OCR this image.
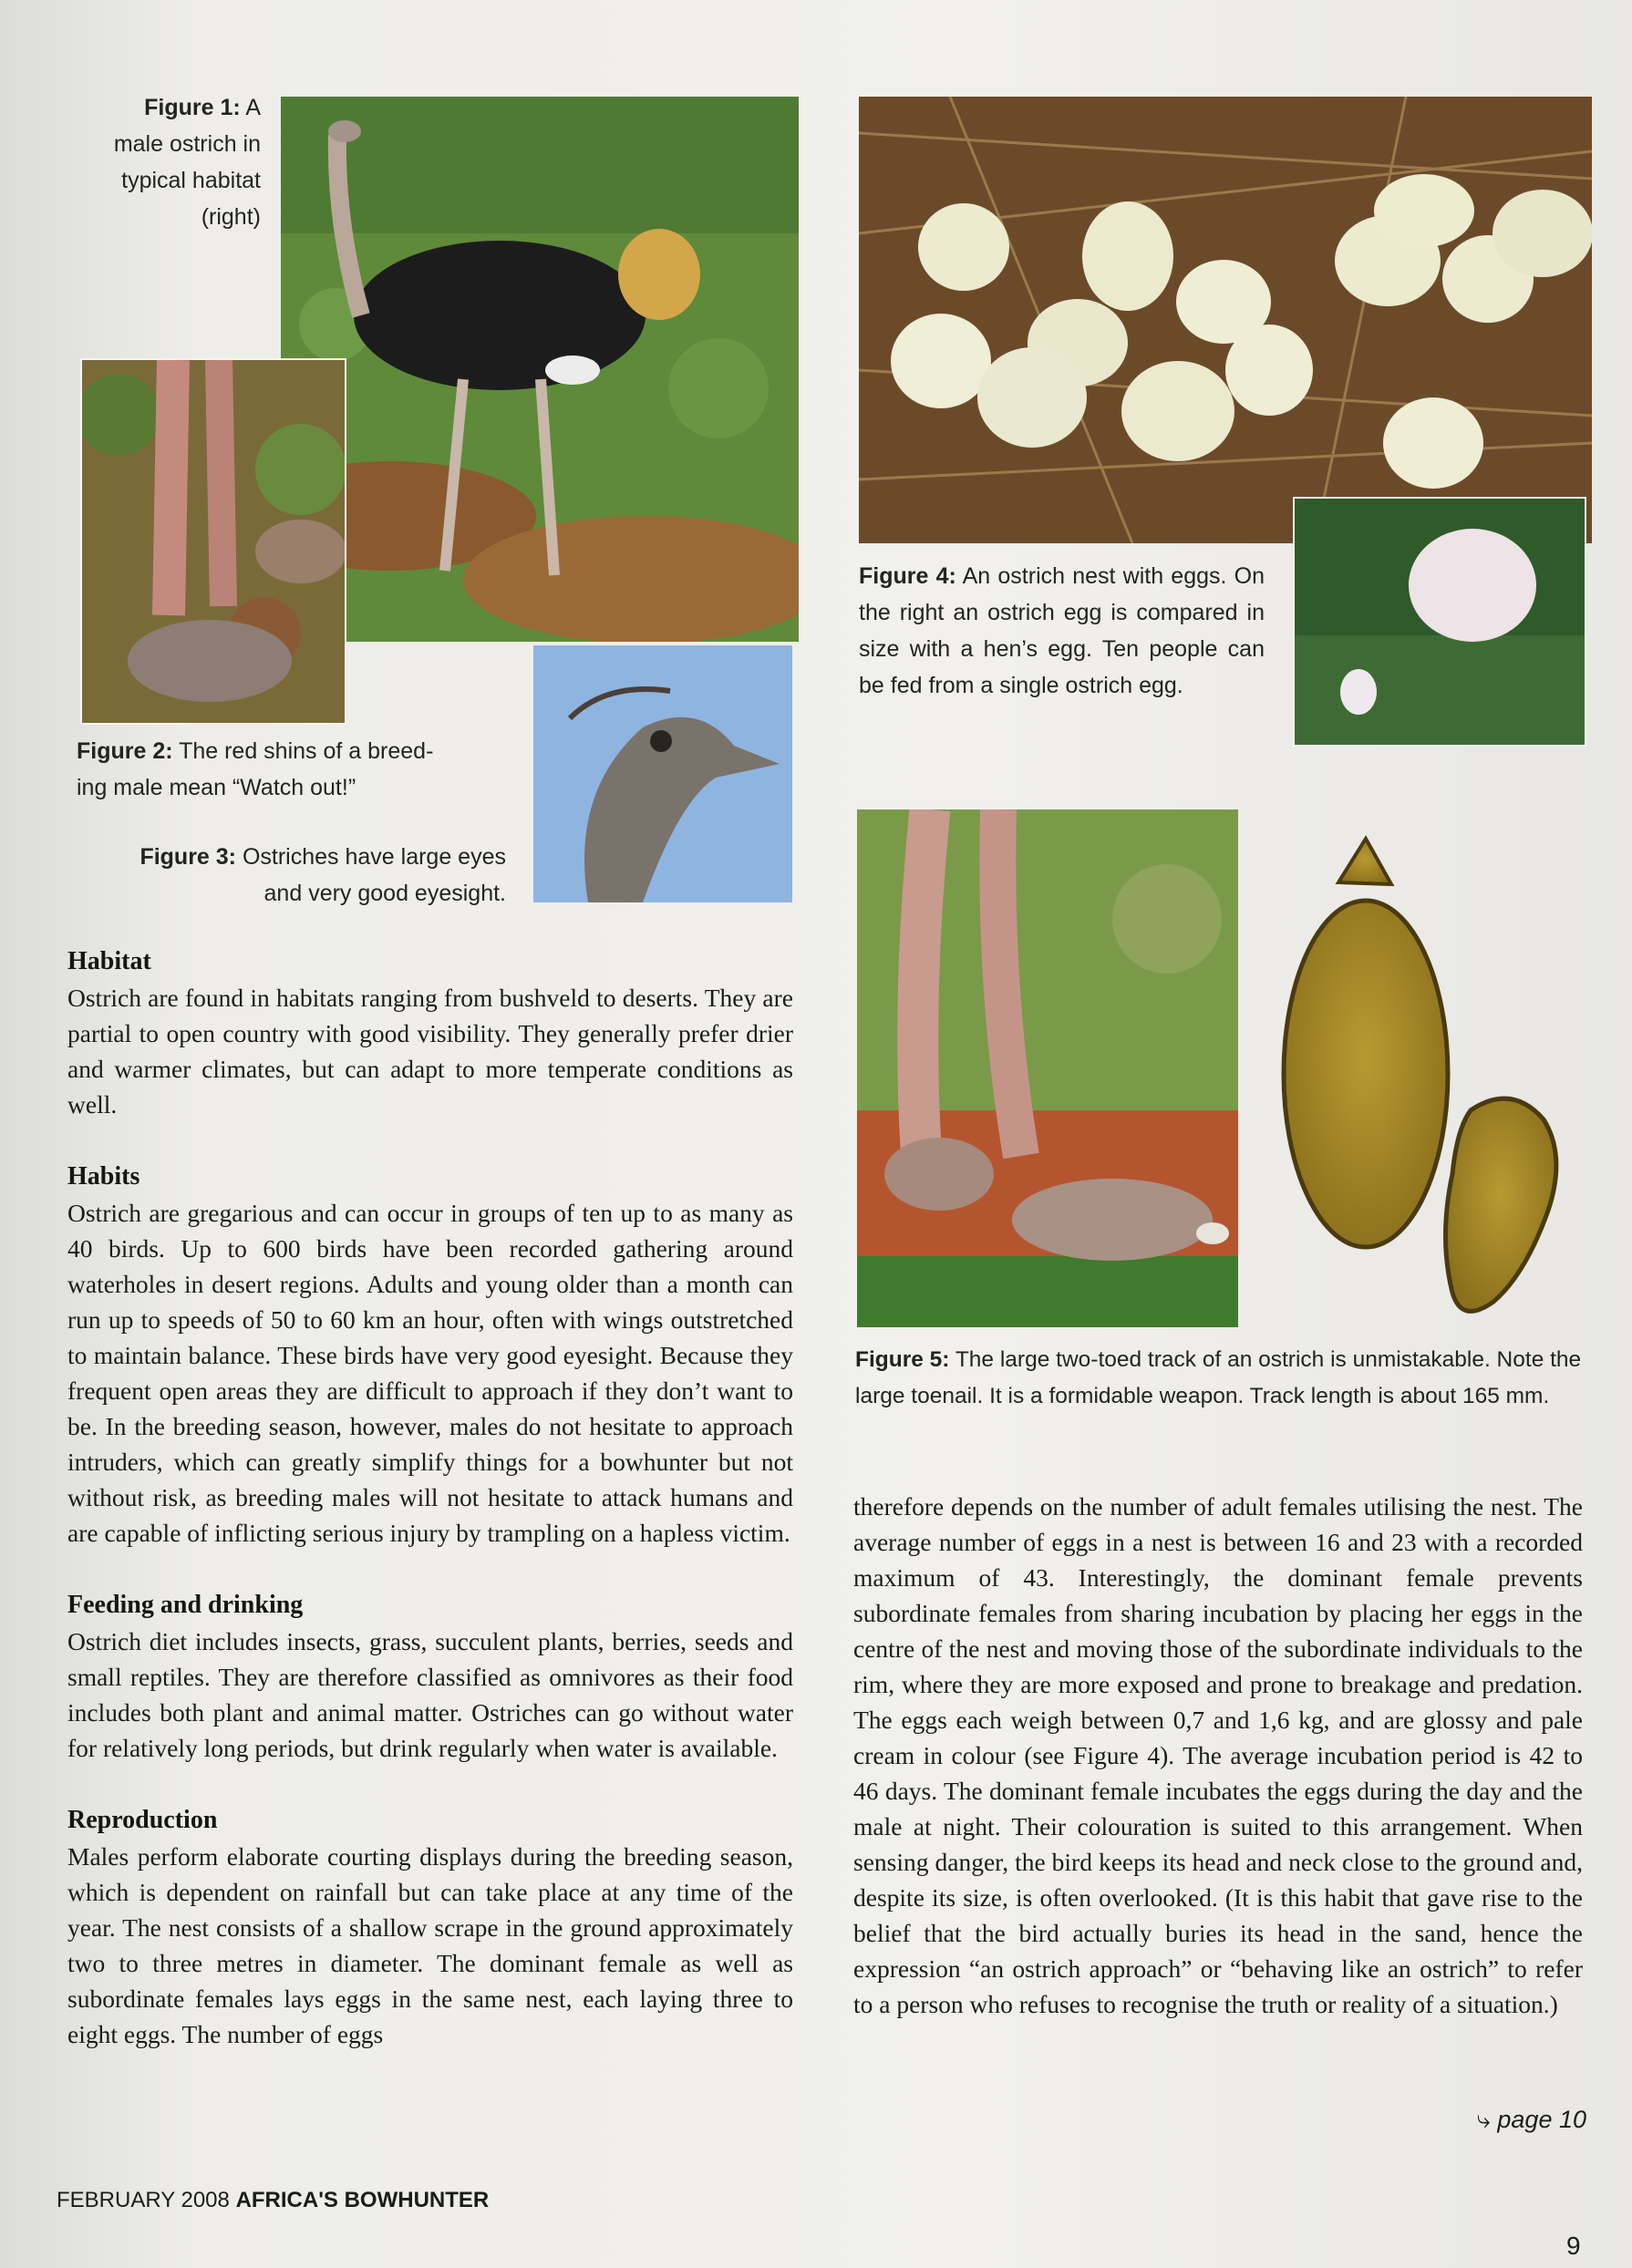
Figure 1: A
male ostrich in
typical habitat
(right)
Figure 2: The red shins of a breed-
ing male mean “Watch out!”
Figure 3: Ostriches have large eyes
and very good eyesight.
Figure 4: An ostrich nest with eggs. On the right an ostrich egg is compared in size with a hen’s egg. Ten people can be fed from a single ostrich egg.
Figure 5: The large two-toed track of an ostrich is unmistakable. Note the large toenail. It is a formidable weapon. Track length is about 165 mm.
Habitat

Ostrich are found in habitats ranging from bushveld to deserts. They are partial to open country with good visibility. They generally prefer drier and warmer climates, but can adapt to more temperate conditions as well.

Habits

Ostrich are gregarious and can occur in groups of ten up to as many as 40 birds. Up to 600 birds have been recorded gathering around waterholes in desert regions. Adults and young older than a month can run up to speeds of 50 to 60 km an hour, often with wings outstretched to maintain balance. These birds have very good eyesight. Because they frequent open areas they are difficult to approach if they don’t want to be. In the breeding season, however, males do not hesitate to approach intruders, which can greatly simplify things for a bowhunter but not without risk, as breeding males will not hesitate to attack humans and are capable of inflicting serious injury by trampling on a hapless victim.

Feeding and drinking

Ostrich diet includes insects, grass, succulent plants, berries, seeds and small reptiles. They are therefore classified as omnivores as their food includes both plant and animal matter. Ostriches can go without water for relatively long periods, but drink regularly when water is available.

Reproduction

Males perform elaborate courting displays during the breeding season, which is dependent on rainfall but can take place at any time of the year. The nest consists of a shallow scrape in the ground approximately two to three metres in diameter. The dominant female as well as subordinate females lays eggs in the same nest, each laying three to eight eggs. The number of eggs

therefore depends on the number of adult females utilising the nest. The average number of eggs in a nest is between 16 and 23 with a recorded maximum of 43. Interestingly, the dominant female prevents subordinate females from sharing incubation by placing her eggs in the centre of the nest and moving those of the subordinate individuals to the rim, where they are more exposed and prone to breakage and predation. The eggs each weigh between 0,7 and 1,6 kg, and are glossy and pale cream in colour (see Figure 4). The average incubation period is 42 to 46 days. The dominant female incubates the eggs during the day and the male at night. Their colouration is suited to this arrangement. When sensing danger, the bird keeps its head and neck close to the ground and, despite its size, is often overlooked. (It is this habit that gave rise to the belief that the bird actually buries its head in the sand, hence the expression “an ostrich approach” or “behaving like an ostrich” to refer to a person who refuses to recognise the truth or reality of a situation.)

⤷ page 10
FEBRUARY 2008 AFRICA'S BOWHUNTER
9
